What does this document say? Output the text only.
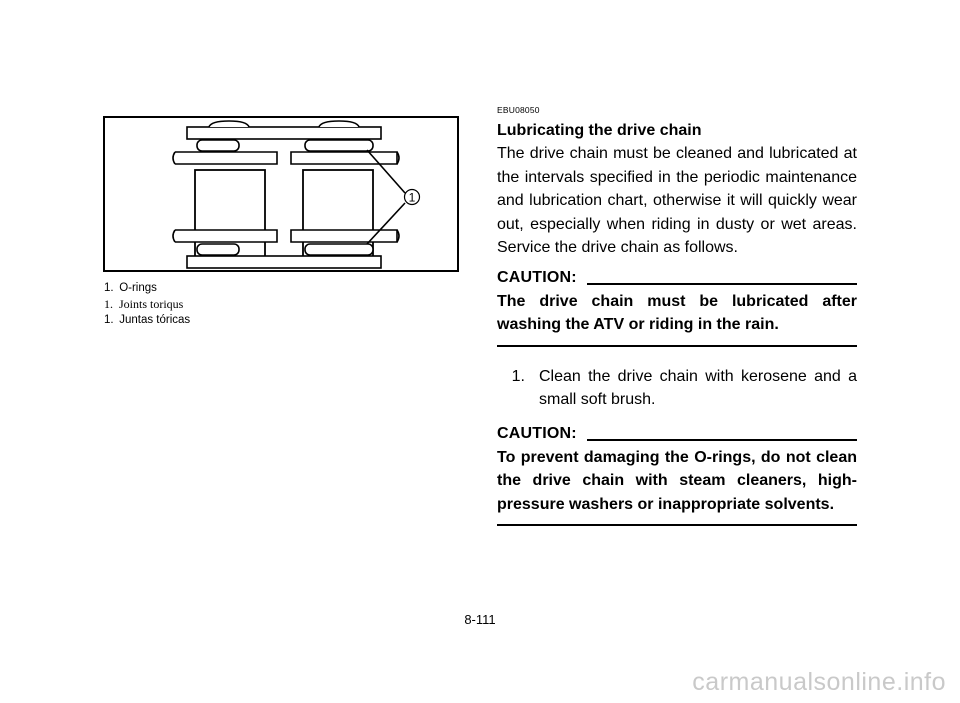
1
1. O-rings
1. Joints toriqus
1. Juntas tóricas
EBU08050
Lubricating the drive chain
The drive chain must be cleaned and lubricated at the intervals specified in the periodic maintenance and lubrication chart, otherwise it will quickly wear out, especially when riding in dusty or wet areas. Service the drive chain as follows.
CAUTION:
The drive chain must be lubricated after washing the ATV or riding in the rain.
1. Clean the drive chain with kerosene and a small soft brush.
CAUTION:
To prevent damaging the O-rings, do not clean the drive chain with steam cleaners, high-pressure washers or inappropriate solvents.
8-111
carmanualsonline.info
